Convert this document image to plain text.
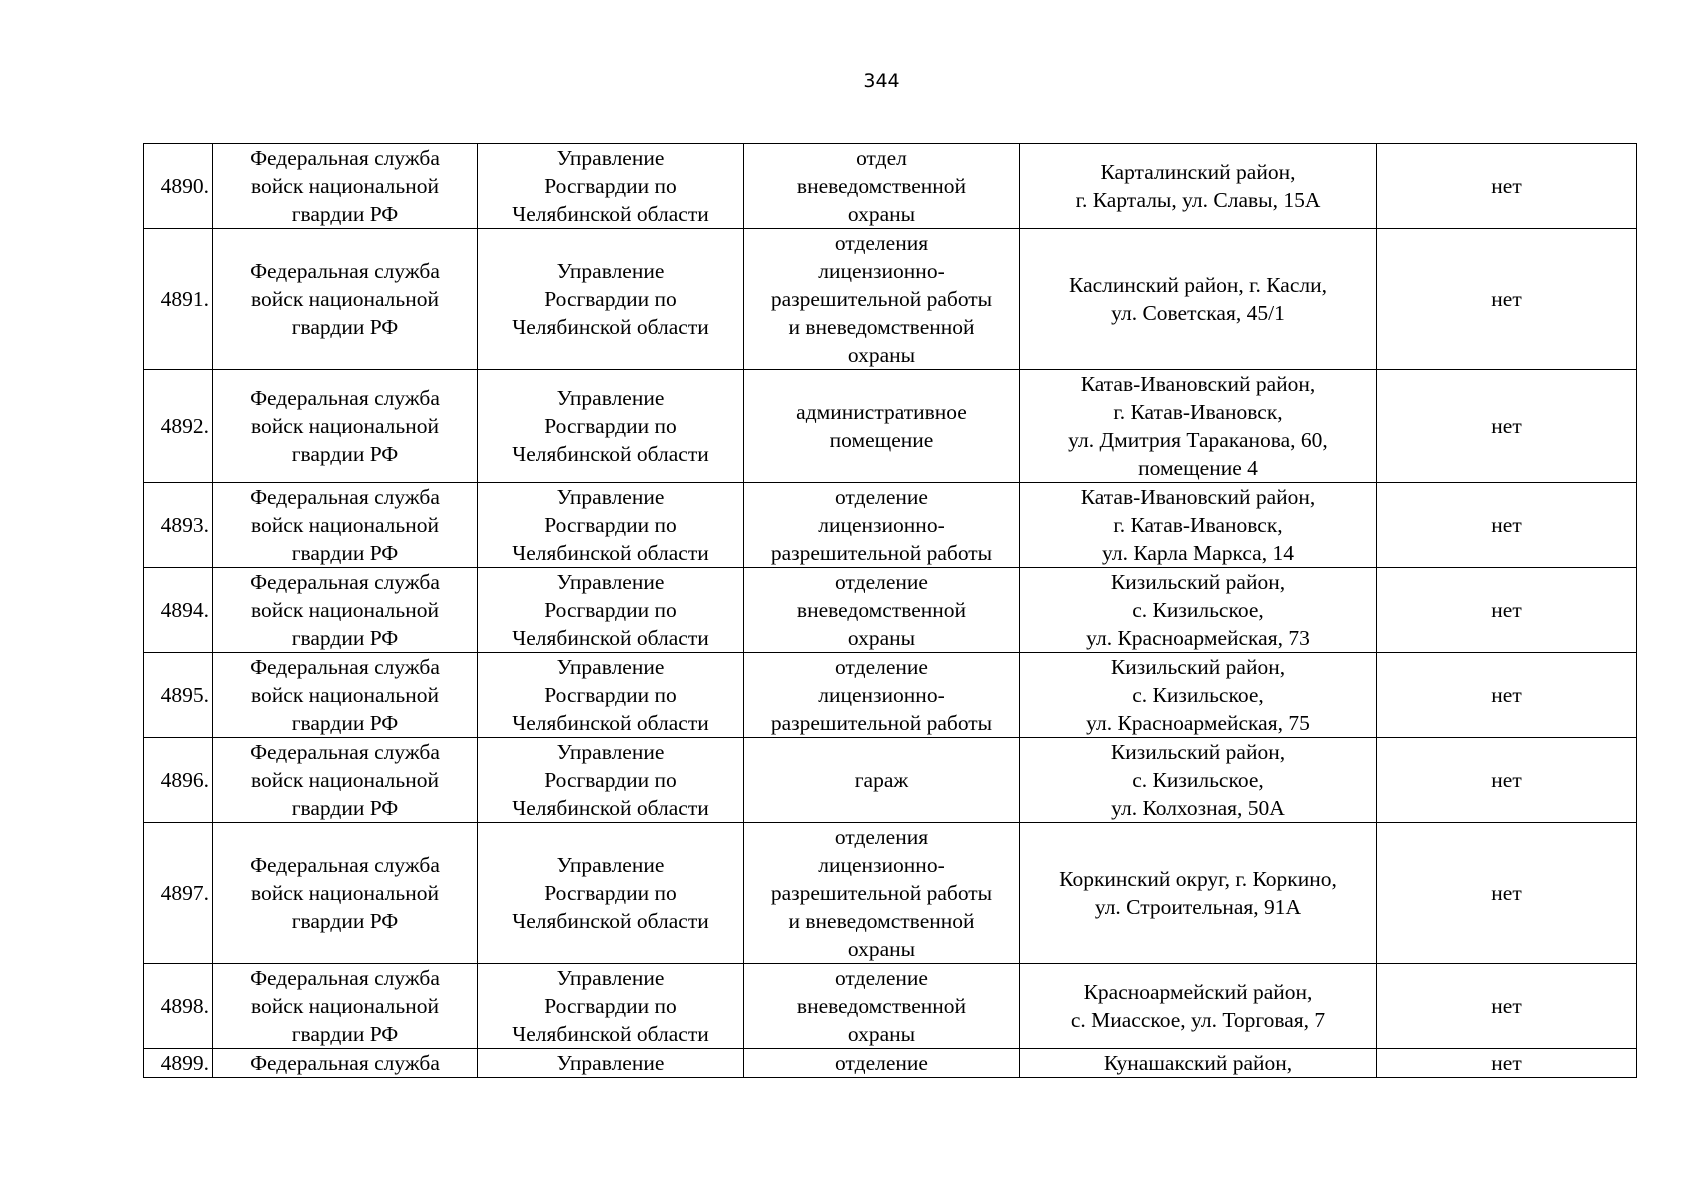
344
4890.	Федеральная служба
войск национальной
гвардии РФ	Управление
Росгвардии по
Челябинской области	отдел
вневедомственной
охраны	Карталинский район,
г. Карталы, ул. Славы, 15А	нет
4891.	Федеральная служба
войск национальной
гвардии РФ	Управление
Росгвардии по
Челябинской области	отделения
лицензионно-
разрешительной работы
и вневедомственной
охраны	Каслинский район, г. Касли,
ул. Советская, 45/1	нет
4892.	Федеральная служба
войск национальной
гвардии РФ	Управление
Росгвардии по
Челябинской области	административное
помещение	Катав-Ивановский район,
г. Катав-Ивановск,
ул. Дмитрия Тараканова, 60,
помещение 4	нет
4893.	Федеральная служба
войск национальной
гвардии РФ	Управление
Росгвардии по
Челябинской области	отделение
лицензионно-
разрешительной работы	Катав-Ивановский район,
г. Катав-Ивановск,
ул. Карла Маркса, 14	нет
4894.	Федеральная служба
войск национальной
гвардии РФ	Управление
Росгвардии по
Челябинской области	отделение
вневедомственной
охраны	Кизильский район,
с. Кизильское,
ул. Красноармейская, 73	нет
4895.	Федеральная служба
войск национальной
гвардии РФ	Управление
Росгвардии по
Челябинской области	отделение
лицензионно-
разрешительной работы	Кизильский район,
с. Кизильское,
ул. Красноармейская, 75	нет
4896.	Федеральная служба
войск национальной
гвардии РФ	Управление
Росгвардии по
Челябинской области	гараж	Кизильский район,
с. Кизильское,
ул. Колхозная, 50А	нет
4897.	Федеральная служба
войск национальной
гвардии РФ	Управление
Росгвардии по
Челябинской области	отделения
лицензионно-
разрешительной работы
и вневедомственной
охраны	Коркинский округ, г. Коркино,
ул. Строительная, 91А	нет
4898.	Федеральная служба
войск национальной
гвардии РФ	Управление
Росгвардии по
Челябинской области	отделение
вневедомственной
охраны	Красноармейский район,
с. Миасское, ул. Торговая, 7	нет
4899.	Федеральная служба	Управление	отделение	Кунашакский район,	нет
